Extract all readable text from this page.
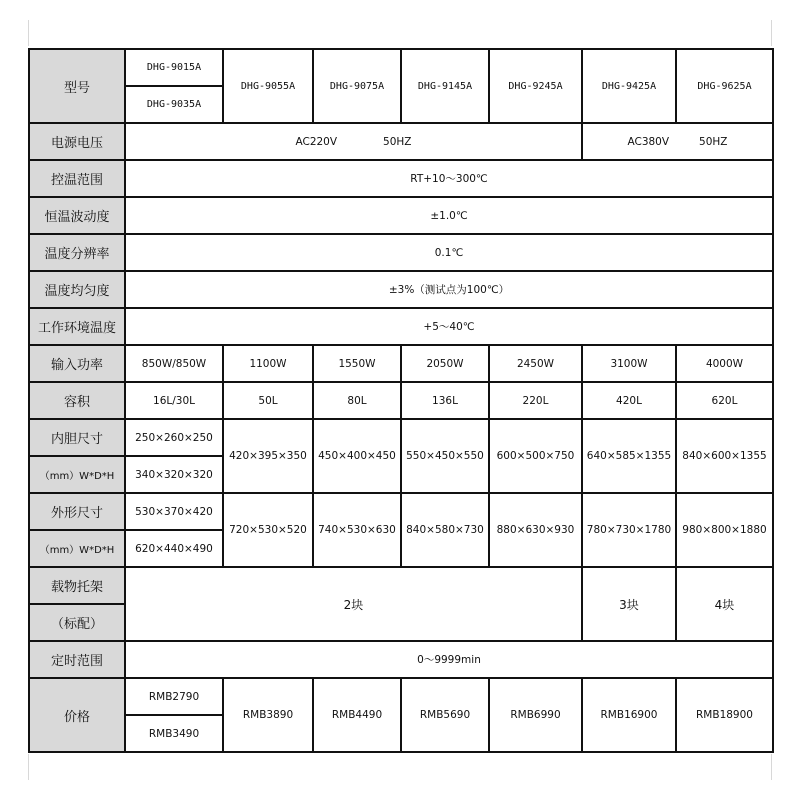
型号	DHG-9015A	DHG-9055A	DHG-9075A	DHG-9145A	DHG-9245A	DHG-9425A	DHG-9625A
	DHG-9035A						
电源电压	AC220V 50HZ					AC380V 50HZ	
控温范围	RT+10～300℃						
恒温波动度	±1.0℃						
温度分辨率	0.1℃						
温度均匀度	±3%（测试点为100℃）						
工作环境温度	+5～40℃						
输入功率	850W/850W	1100W	1550W	2050W	2450W	3100W	4000W
容积	16L/30L	50L	80L	136L	220L	420L	620L
内胆尺寸	250×260×250	420×395×350	450×400×450	550×450×550	600×500×750	640×585×1355	840×600×1355
（mm）W*D*H	340×320×320						
外形尺寸	530×370×420	720×530×520	740×530×630	840×580×730	880×630×930	780×730×1780	980×800×1880
（mm）W*D*H	620×440×490						
载物托架	2块					3块	4块
（标配）							
定时范围	0～9999min						
价格	RMB2790	RMB3890	RMB4490	RMB5690	RMB6990	RMB16900	RMB18900
	RMB3490						
